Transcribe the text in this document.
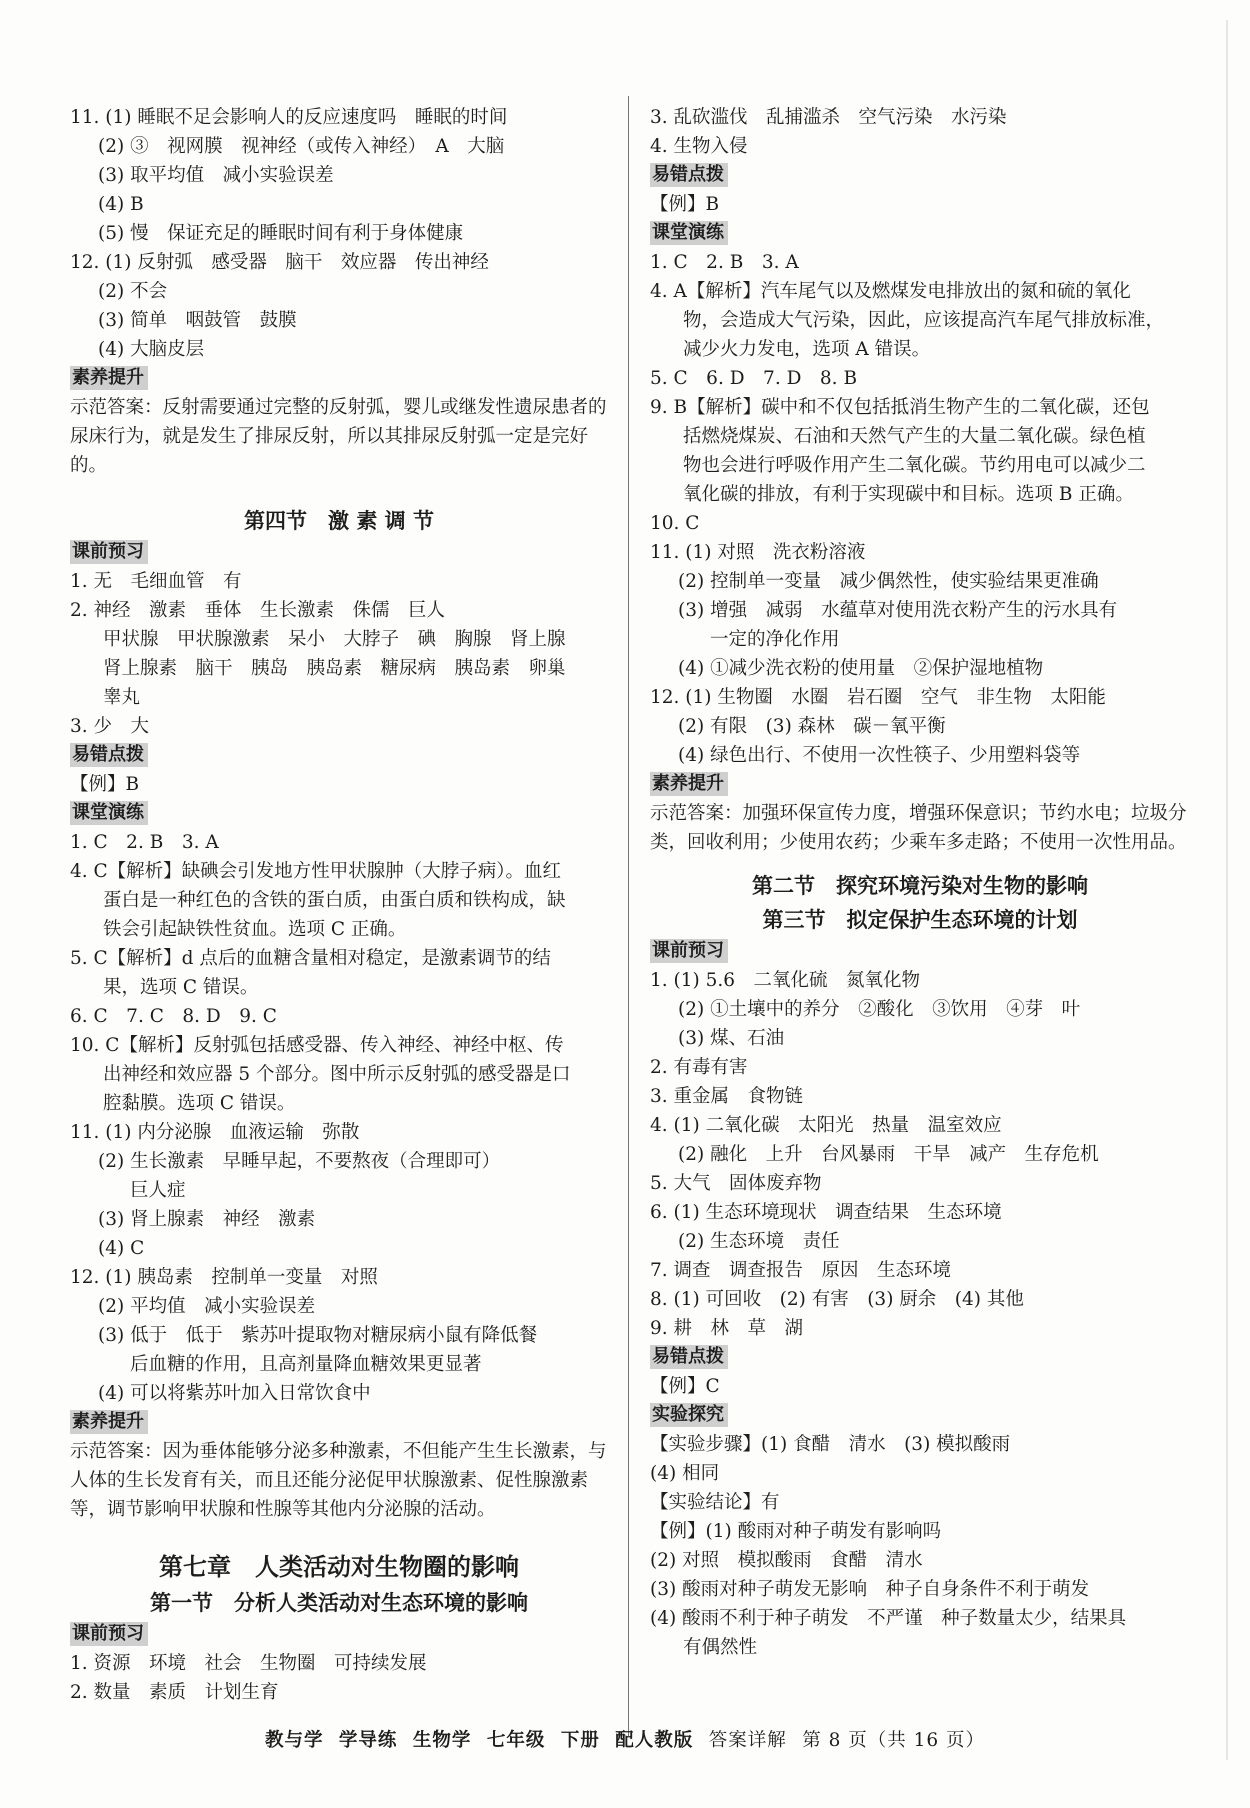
11. (1) 睡眠不足会影响人的反应速度吗　睡眠的时间
(2) ③　视网膜　视神经（或传入神经）　A　大脑
(3) 取平均值　减小实验误差
(4) B
(5) 慢　保证充足的睡眠时间有利于身体健康
12. (1) 反射弧　感受器　脑干　效应器　传出神经
(2) 不会
(3) 简单　咽鼓管　鼓膜
(4) 大脑皮层
素养提升
示范答案：反射需要通过完整的反射弧，婴儿或继发性遗尿患者的尿床行为，就是发生了排尿反射，所以其排尿反射弧一定是完好的。
第四节　激 素 调 节
课前预习
1. 无　毛细血管　有
2. 神经　激素　垂体　生长激素　侏儒　巨人
甲状腺　甲状腺激素　呆小　大脖子　碘　胸腺　肾上腺
肾上腺素　脑干　胰岛　胰岛素　糖尿病　胰岛素　卵巢
睾丸
3. 少　大
易错点拨
【例】B
课堂演练
1. C　2. B　3. A
4. C【解析】缺碘会引发地方性甲状腺肿（大脖子病）。血红
蛋白是一种红色的含铁的蛋白质，由蛋白质和铁构成，缺
铁会引起缺铁性贫血。选项 C 正确。
5. C【解析】d 点后的血糖含量相对稳定，是激素调节的结
果，选项 C 错误。
6. C　7. C　8. D　9. C
10. C【解析】反射弧包括感受器、传入神经、神经中枢、传
出神经和效应器 5 个部分。图中所示反射弧的感受器是口
腔黏膜。选项 C 错误。
11. (1) 内分泌腺　血液运输　弥散
(2) 生长激素　早睡早起，不要熬夜（合理即可）
巨人症
(3) 肾上腺素　神经　激素
(4) C
12. (1) 胰岛素　控制单一变量　对照
(2) 平均值　减小实验误差
(3) 低于　低于　紫苏叶提取物对糖尿病小鼠有降低餐
后血糖的作用，且高剂量降血糖效果更显著
(4) 可以将紫苏叶加入日常饮食中
素养提升
示范答案：因为垂体能够分泌多种激素，不但能产生生长激素，与人体的生长发育有关，而且还能分泌促甲状腺激素、促性腺激素等，调节影响甲状腺和性腺等其他内分泌腺的活动。
第七章　人类活动对生物圈的影响
第一节　分析人类活动对生态环境的影响
课前预习
1. 资源　环境　社会　生物圈　可持续发展
2. 数量　素质　计划生育
3. 乱砍滥伐　乱捕滥杀　空气污染　水污染
4. 生物入侵
易错点拨
【例】B
课堂演练
1. C　2. B　3. A
4. A【解析】汽车尾气以及燃煤发电排放出的氮和硫的氧化
物，会造成大气污染，因此，应该提高汽车尾气排放标准，
减少火力发电，选项 A 错误。
5. C　6. D　7. D　8. B
9. B【解析】碳中和不仅包括抵消生物产生的二氧化碳，还包
括燃烧煤炭、石油和天然气产生的大量二氧化碳。绿色植
物也会进行呼吸作用产生二氧化碳。节约用电可以减少二
氧化碳的排放，有利于实现碳中和目标。选项 B 正确。
10. C
11. (1) 对照　洗衣粉溶液
(2) 控制单一变量　减少偶然性，使实验结果更准确
(3) 增强　减弱　水蕴草对使用洗衣粉产生的污水具有
一定的净化作用
(4) ①减少洗衣粉的使用量　②保护湿地植物
12. (1) 生物圈　水圈　岩石圈　空气　非生物　太阳能
(2) 有限　(3) 森林　碳－氧平衡
(4) 绿色出行、不使用一次性筷子、少用塑料袋等
素养提升
示范答案：加强环保宣传力度，增强环保意识；节约水电；垃圾分类，回收利用；少使用农药；少乘车多走路；不使用一次性用品。
第二节　探究环境污染对生物的影响
第三节　拟定保护生态环境的计划
课前预习
1. (1) 5.6　二氧化硫　氮氧化物
(2) ①土壤中的养分　②酸化　③饮用　④芽　叶
(3) 煤、石油
2. 有毒有害
3. 重金属　食物链
4. (1) 二氧化碳　太阳光　热量　温室效应
(2) 融化　上升　台风暴雨　干旱　减产　生存危机
5. 大气　固体废弃物
6. (1) 生态环境现状　调查结果　生态环境
(2) 生态环境　责任
7. 调查　调查报告　原因　生态环境
8. (1) 可回收　(2) 有害　(3) 厨余　(4) 其他
9. 耕　林　草　湖
易错点拨
【例】C
实验探究
【实验步骤】(1) 食醋　清水　(3) 模拟酸雨
(4) 相同
【实验结论】有
【例】(1) 酸雨对种子萌发有影响吗
(2) 对照　模拟酸雨　食醋　清水
(3) 酸雨对种子萌发无影响　种子自身条件不利于萌发
(4) 酸雨不利于种子萌发　不严谨　种子数量太少，结果具
有偶然性
教与学 学导练 生物学 七年级 下册 配人教版 答案详解 第 8 页（共 16 页）
